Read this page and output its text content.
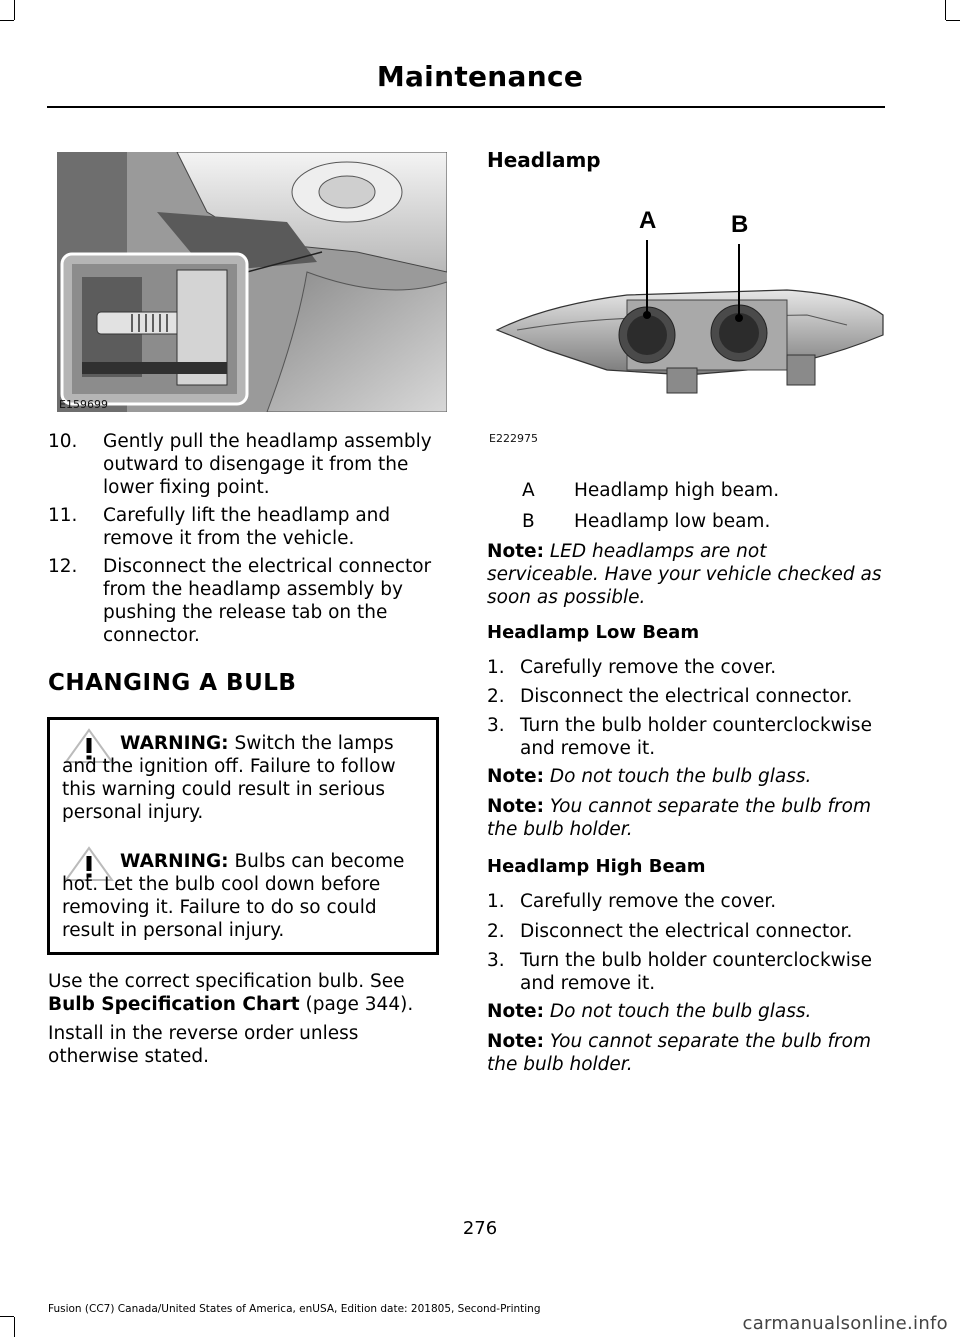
Maintenance
E159699
10. Gently pull the headlamp assembly outward to disengage it from the lower fixing point.
11. Carefully lift the headlamp and remove it from the vehicle.
12. Disconnect the electrical connector from the headlamp assembly by pushing the release tab on the connector.
CHANGING A BULB
WARNING: Switch the lamps and the ignition off. Failure to follow this warning could result in serious personal injury.
WARNING: Bulbs can become hot. Let the bulb cool down before removing it. Failure to do so could result in personal injury.
Use the correct specification bulb. See Bulb Specification Chart (page 344).
Install in the reverse order unless otherwise stated.
Headlamp
A	B
E222975
A Headlamp high beam.
B Headlamp low beam.
Note: LED headlamps are not serviceable. Have your vehicle checked as soon as possible.
Headlamp Low Beam
1. Carefully remove the cover.
2. Disconnect the electrical connector.
3. Turn the bulb holder counterclockwise and remove it.
Note: Do not touch the bulb glass.
Note: You cannot separate the bulb from the bulb holder.
Headlamp High Beam
1. Carefully remove the cover.
2. Disconnect the electrical connector.
3. Turn the bulb holder counterclockwise and remove it.
Note: Do not touch the bulb glass.
Note: You cannot separate the bulb from the bulb holder.
276
Fusion (CC7) Canada/United States of America, enUSA, Edition date: 201805, Second-Printing
carmanualsonline.info
